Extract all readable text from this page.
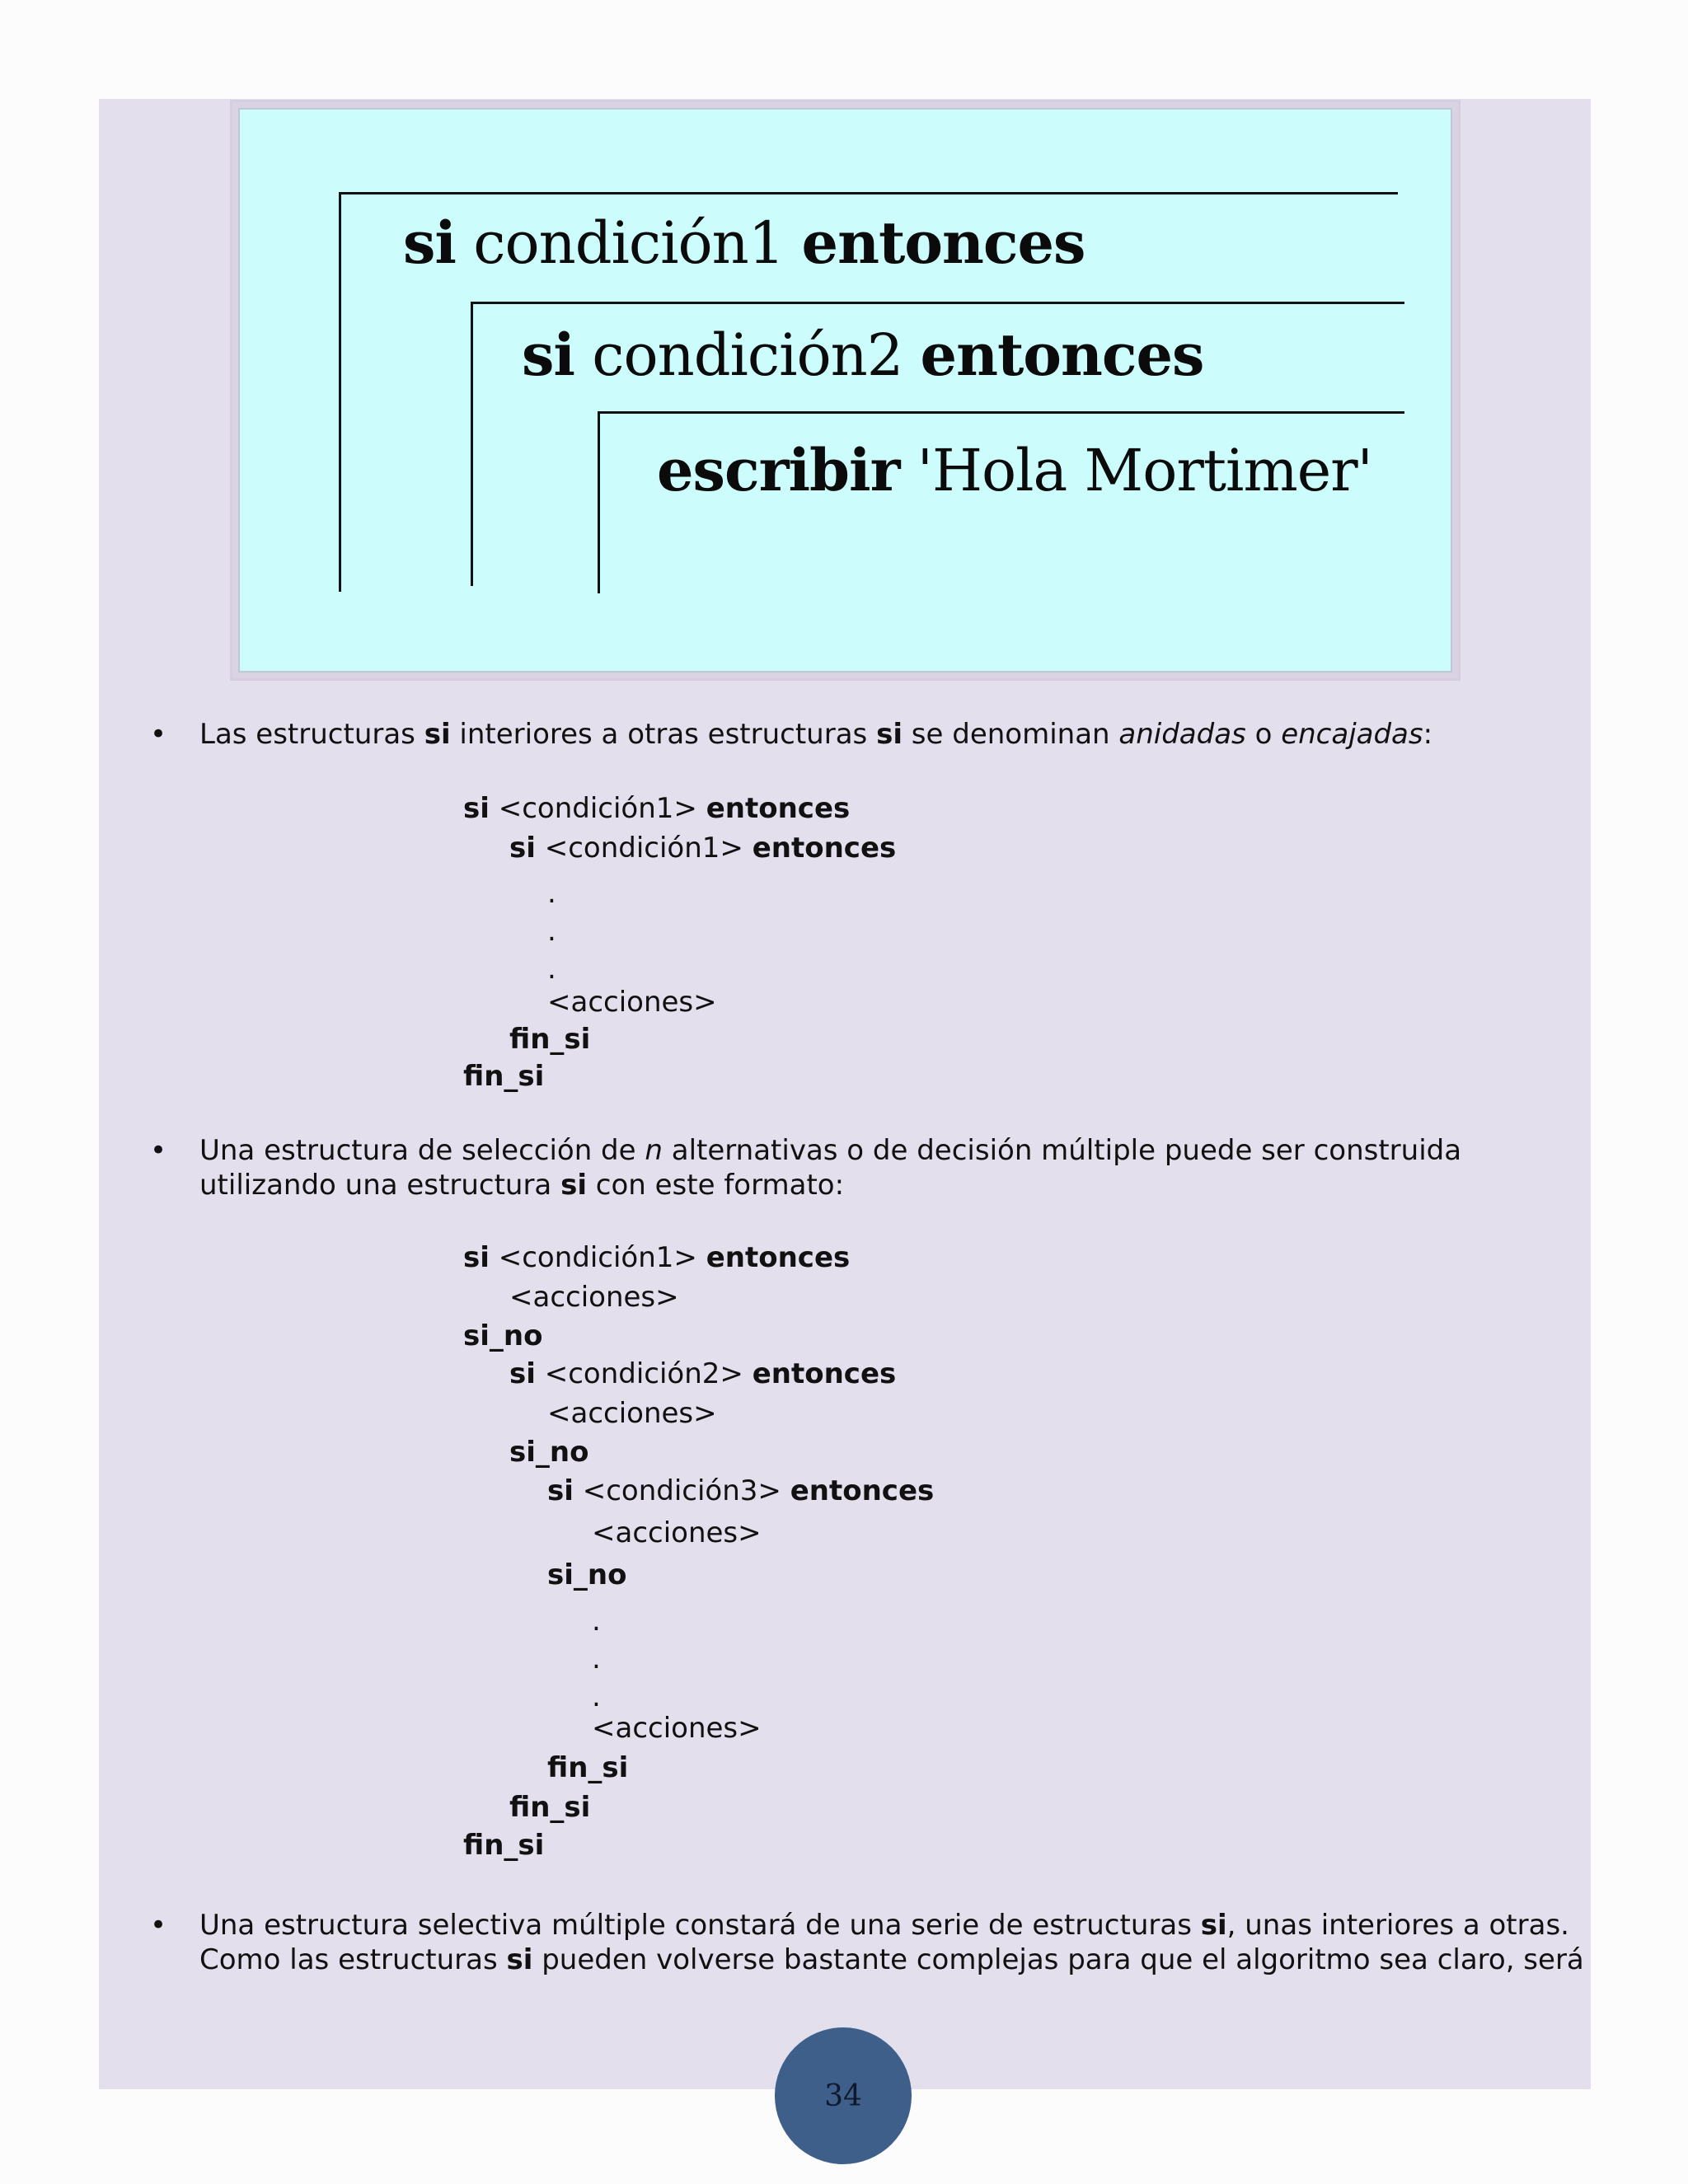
si condición1 entonces
si condición2 entonces
escribir 'Hola Mortimer'
•	Las estructuras si interiores a otras estructuras si se denominan anidadas o encajadas:
si <condición1> entonces
si <condición1> entonces
.
.
.
<acciones>
fin_si
fin_si
•	Una estructura de selección de n alternativas o de decisión múltiple puede ser construida utilizando una estructura si con este formato:
si <condición1> entonces
<acciones>
si_no
si <condición2> entonces
<acciones>
si_no
si <condición3> entonces
<acciones>
si_no
.
.
.
<acciones>
fin_si
fin_si
fin_si
•	Una estructura selectiva múltiple constará de una serie de estructuras si, unas interiores a otras. Como las estructuras si pueden volverse bastante complejas para que el algoritmo sea claro, será
34
